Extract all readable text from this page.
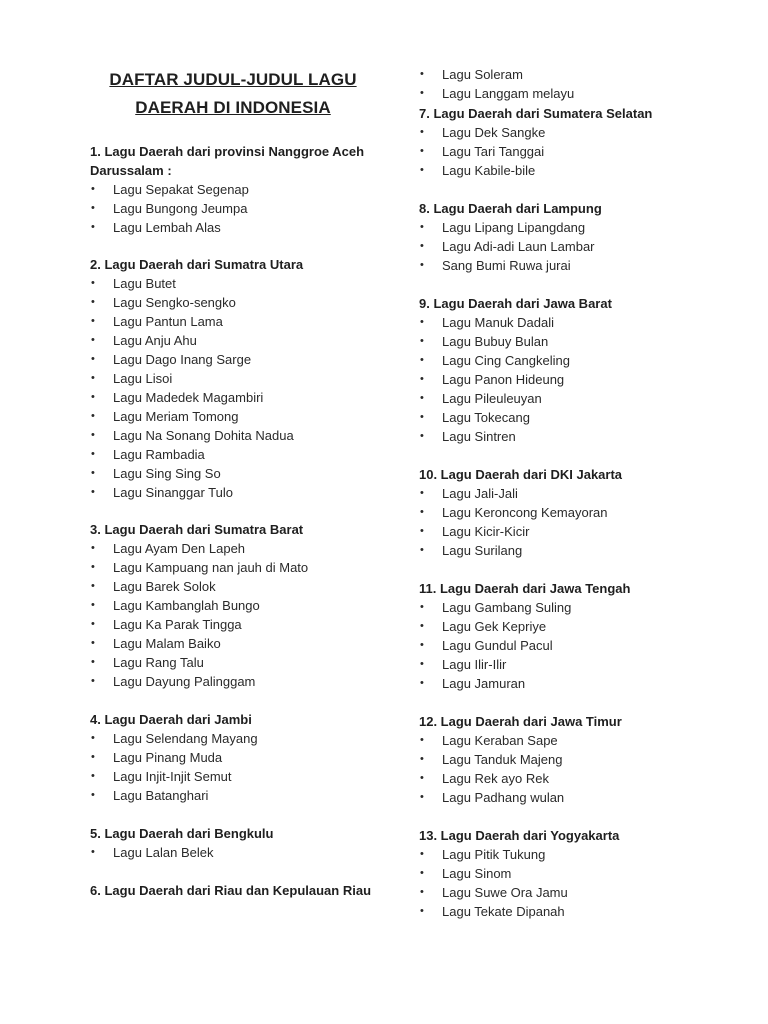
DAFTAR JUDUL-JUDUL LAGU DAERAH DI INDONESIA

1. Lagu Daerah dari provinsi Nanggroe Aceh Darussalam :

• Lagu Sepakat Segenap
• Lagu Bungong Jeumpa
• Lagu Lembah Alas

2. Lagu Daerah dari Sumatra Utara

• Lagu Butet
• Lagu Sengko-sengko
• Lagu Pantun Lama
• Lagu Anju Ahu
• Lagu Dago Inang Sarge
• Lagu Lisoi
• Lagu Madedek Magambiri
• Lagu Meriam Tomong
• Lagu Na Sonang Dohita Nadua
• Lagu Rambadia
• Lagu Sing Sing So
• Lagu Sinanggar Tulo

3. Lagu Daerah dari Sumatra Barat

• Lagu Ayam Den Lapeh
• Lagu Kampuang nan jauh di Mato
• Lagu Barek Solok
• Lagu Kambanglah Bungo
• Lagu Ka Parak Tingga
• Lagu Malam Baiko
• Lagu Rang Talu
• Lagu Dayung Palinggam

4. Lagu Daerah dari Jambi

• Lagu Selendang Mayang
• Lagu Pinang Muda
• Lagu Injit-Injit Semut
• Lagu Batanghari

5. Lagu Daerah dari Bengkulu

• Lagu Lalan Belek

6. Lagu Daerah dari Riau dan Kepulauan Riau

• Lagu Soleram
• Lagu Langgam melayu

7. Lagu Daerah dari Sumatera Selatan

• Lagu Dek Sangke
• Lagu Tari Tanggai
• Lagu Kabile-bile

8. Lagu Daerah dari Lampung

• Lagu Lipang Lipangdang
• Lagu Adi-adi Laun Lambar
• Sang Bumi Ruwa jurai

9. Lagu Daerah dari Jawa Barat

• Lagu Manuk Dadali
• Lagu Bubuy Bulan
• Lagu Cing Cangkeling
• Lagu Panon Hideung
• Lagu Pileuleuyan
• Lagu Tokecang
• Lagu Sintren

10. Lagu Daerah dari DKI Jakarta

• Lagu Jali-Jali
• Lagu Keroncong Kemayoran
• Lagu Kicir-Kicir
• Lagu Surilang

11. Lagu Daerah dari Jawa Tengah

• Lagu Gambang Suling
• Lagu Gek Kepriye
• Lagu Gundul Pacul
• Lagu Ilir-Ilir
• Lagu Jamuran

12. Lagu Daerah dari Jawa Timur

• Lagu Keraban Sape
• Lagu Tanduk Majeng
• Lagu Rek ayo Rek
• Lagu Padhang wulan

13. Lagu Daerah dari Yogyakarta

• Lagu Pitik Tukung
• Lagu Sinom
• Lagu Suwe Ora Jamu
• Lagu Tekate Dipanah
